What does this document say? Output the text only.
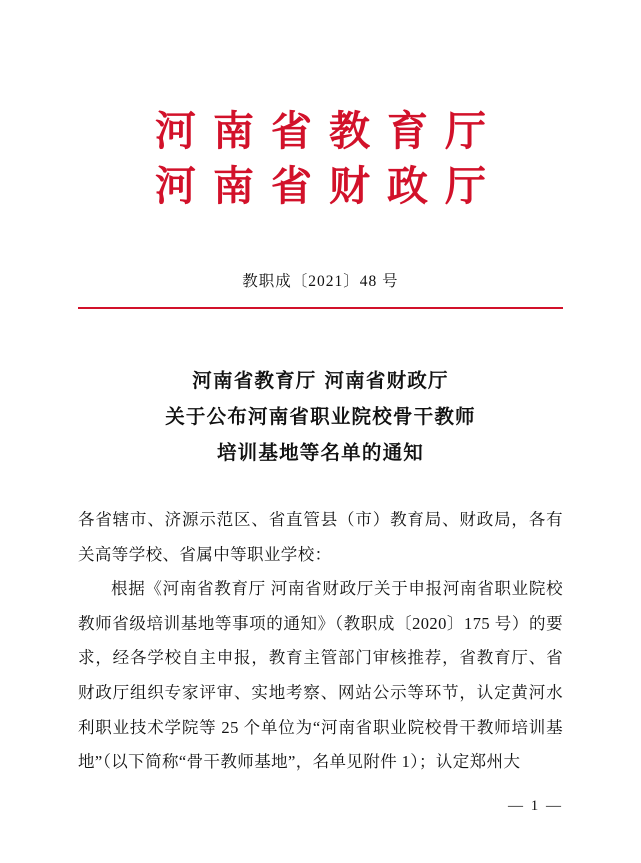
河南省教育厅
河南省财政厅
教职成〔2021〕48 号
河南省教育厅 河南省财政厅
关于公布河南省职业院校骨干教师
培训基地等名单的通知

各省辖市、济源示范区、省直管县（市）教育局、财政局，各有关高等学校、省属中等职业学校：

根据《河南省教育厅 河南省财政厅关于申报河南省职业院校教师省级培训基地等事项的通知》（教职成〔2020〕175 号）的要求，经各学校自主申报，教育主管部门审核推荐，省教育厅、省财政厅组织专家评审、实地考察、网站公示等环节，认定黄河水利职业技术学院等 25 个单位为“河南省职业院校骨干教师培训基地”（以下简称“骨干教师基地”，名单见附件 1）；认定郑州大

— 1 —
